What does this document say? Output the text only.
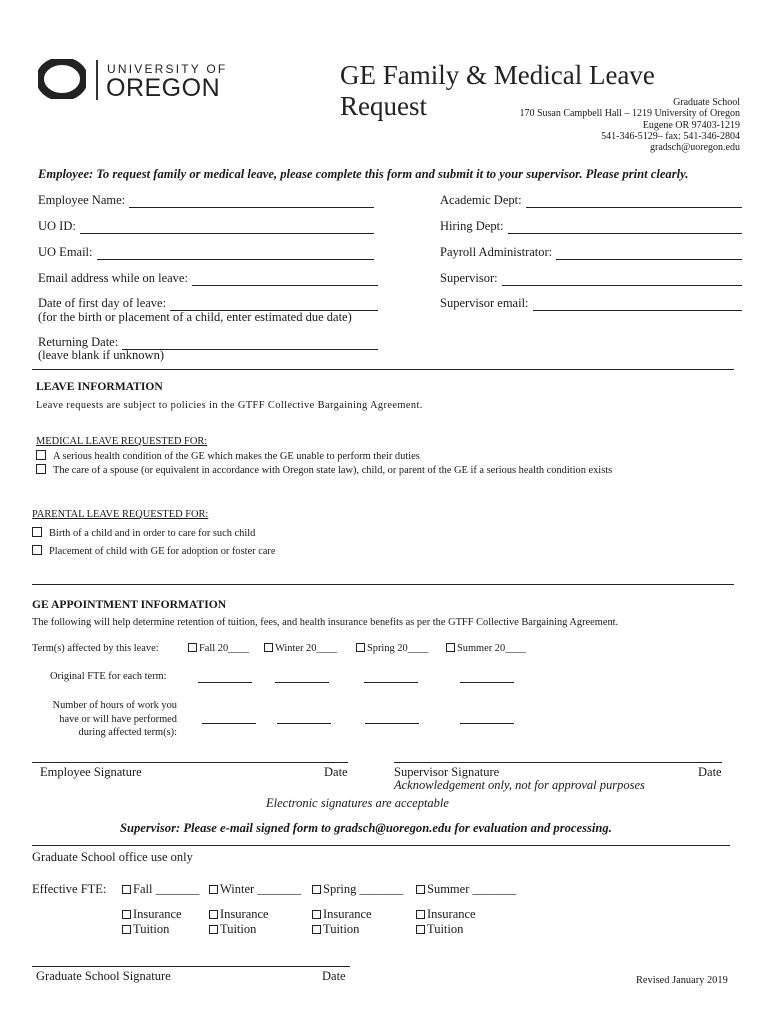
UNIVERSITY OF
OREGON	GE Family & Medical Leave Request	Graduate School
170 Susan Campbell Hall – 1219 University of Oregon
Eugene OR 97403-1219
541-346-5129– fax: 541-346-2804
gradsch@uoregon.edu
Employee: To request family or medical leave, please complete this form and submit it to your supervisor. Please print clearly.
Employee Name:
UO ID:
UO Email:
Email address while on leave:
Date of first day of leave:
(for the birth or placement of a child, enter estimated due date)
Returning Date:
(leave blank if unknown)
Academic Dept:
Hiring Dept:
Payroll Administrator:
Supervisor:
Supervisor email:
LEAVE INFORMATION
Leave requests are subject to policies in the GTFF Collective Bargaining Agreement.
MEDICAL LEAVE REQUESTED FOR:
A serious health condition of the GE which makes the GE unable to perform their duties
The care of a spouse (or equivalent in accordance with Oregon state law), child, or parent of the GE if a serious health condition exists
PARENTAL LEAVE REQUESTED FOR:
Birth of a child and in order to care for such child
Placement of child with GE for adoption or foster care
GE APPOINTMENT INFORMATION
The following will help determine retention of tuition, fees, and health insurance benefits as per the GTFF Collective Bargaining Agreement.
Term(s) affected by this leave:	Fall 20____	Winter 20____	Spring 20____	Summer 20____
Original FTE for each term:
Number of hours of work you
have or will have performed
during affected term(s):
Employee Signature	Date	Supervisor Signature	Date
Acknowledgement only, not for approval purposes
Electronic signatures are acceptable
Supervisor: Please e-mail signed form to gradsch@uoregon.edu for evaluation and processing.
Graduate School office use only
Effective FTE:	Fall _______	Winter _______	Spring _______	Summer _______
Insurance	Insurance	Insurance	Insurance
Tuition	Tuition	Tuition	Tuition
Graduate School Signature	Date	Revised January 2019
